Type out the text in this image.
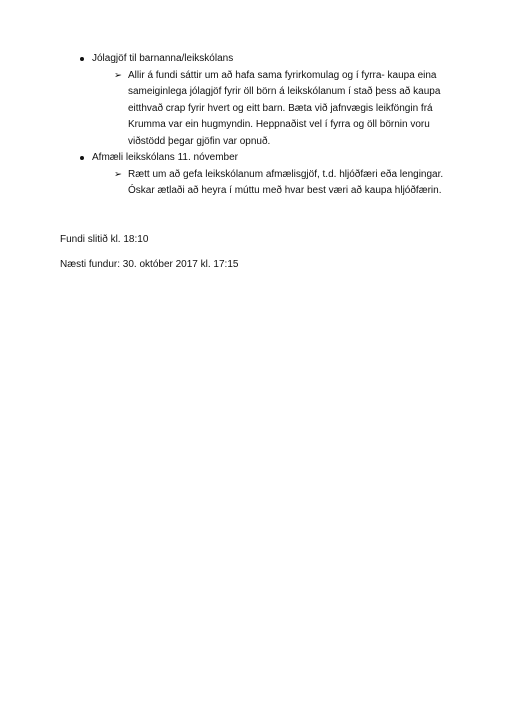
Jólagjöf til barnanna/leikskólans

➢ Allir á fundi sáttir um að hafa sama fyrirkomulag og í fyrra- kaupa eina sameiginlega jólagjöf fyrir öll börn á leikskólanum í stað þess að kaupa eitthvað crap fyrir hvert og eitt barn. Bæta við jafnvægis leikföngin frá Krumma var ein hugmyndin. Heppnaðist vel í fyrra og öll börnin voru viðstödd þegar gjöfin var opnuð.

Afmæli leikskólans 11. nóvember

➢ Rætt um að gefa leikskólanum afmælisgjöf, t.d. hljóðfæri eða lengingar. Óskar ætlaði að heyra í múttu með hvar best væri að kaupa hljóðfærin.

Fundi slitið kl. 18:10

Næsti fundur: 30. október 2017 kl. 17:15
